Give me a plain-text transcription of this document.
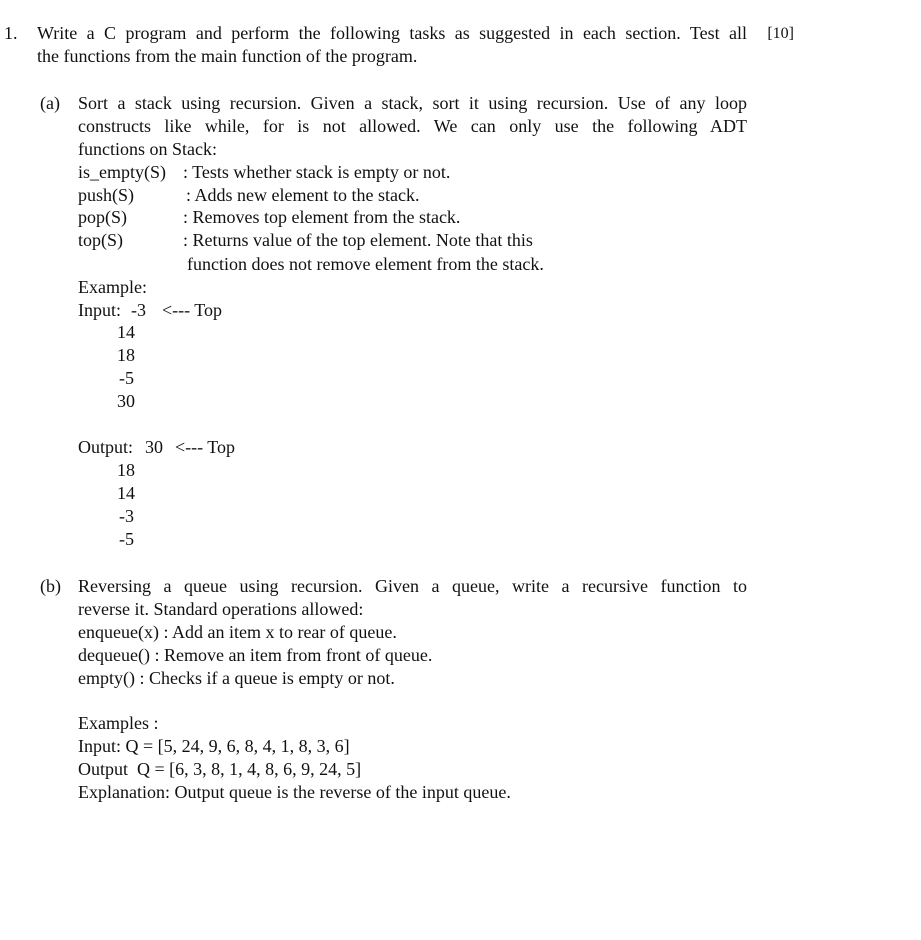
1. Write a C program and perform the following tasks as suggested in each section. Test all [10]
the functions from the main function of the program.
(a) Sort a stack using recursion. Given a stack, sort it using recursion. Use of any loop
constructs like while, for is not allowed. We can only use the following ADT
functions on Stack:
is_empty(S) : Tests whether stack is empty or not.
push(S)	: Adds new element to the stack.
pop(S)	: Removes top element from the stack.
top(S)	: Returns value of the top element. Note that this
function does not remove element from the stack.
Example:
Input: -3 <--- Top
14
18
-5
30
Output: 30 <--- Top
18
14
-3
-5
(b) Reversing a queue using recursion. Given a queue, write a recursive function to
reverse it. Standard operations allowed:
enqueue(x) : Add an item x to rear of queue.
dequeue() : Remove an item from front of queue.
empty() : Checks if a queue is empty or not.
Examples :
Input: Q = [5, 24, 9, 6, 8, 4, 1, 8, 3, 6]
Output  Q = [6, 3, 8, 1, 4, 8, 6, 9, 24, 5]
Explanation: Output queue is the reverse of the input queue.
